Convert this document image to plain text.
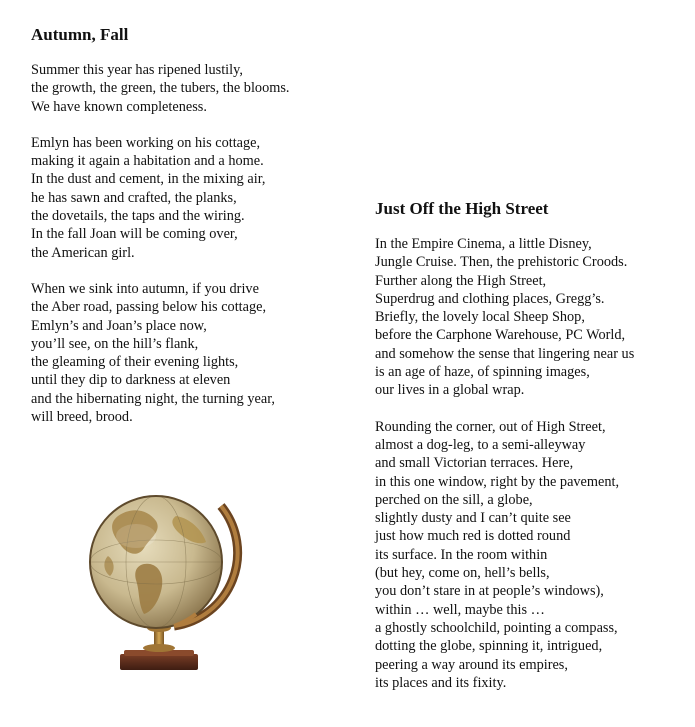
Autumn, Fall
Summer this year has ripened lustily,
the growth, the green, the tubers, the blooms.
We have known completeness.
Emlyn has been working on his cottage,
making it again a habitation and a home.
In the dust and cement, in the mixing air,
he has sawn and crafted, the planks,
the dovetails, the taps and the wiring.
In the fall Joan will be coming over,
the American girl.
When we sink into autumn, if you drive
the Aber road, passing below his cottage,
Emlyn’s and Joan’s place now,
you’ll see, on the hill’s flank,
the gleaming of their evening lights,
until they dip to darkness at eleven
and the hibernating night, the turning year,
will breed, brood.
Just Off the High Street
In the Empire Cinema, a little Disney,
Jungle Cruise. Then, the prehistoric Croods.
Further along the High Street,
Superdrug and clothing places, Gregg’s.
Briefly, the lovely local Sheep Shop,
before the Carphone Warehouse, PC World,
and somehow the sense that lingering near us
is an age of haze, of spinning images,
our lives in a global wrap.
Rounding the corner, out of High Street,
almost a dog-leg, to a semi-alleyway
and small Victorian terraces. Here,
in this one window, right by the pavement,
perched on the sill, a globe,
slightly dusty and I can’t quite see
just how much red is dotted round
its surface. In the room within
(but hey, come on, hell’s bells,
you don’t stare in at people’s windows),
within … well, maybe this …
a ghostly schoolchild, pointing a compass,
dotting the globe, spinning it, intrigued,
peering a way around its empires,
its places and its fixity.
